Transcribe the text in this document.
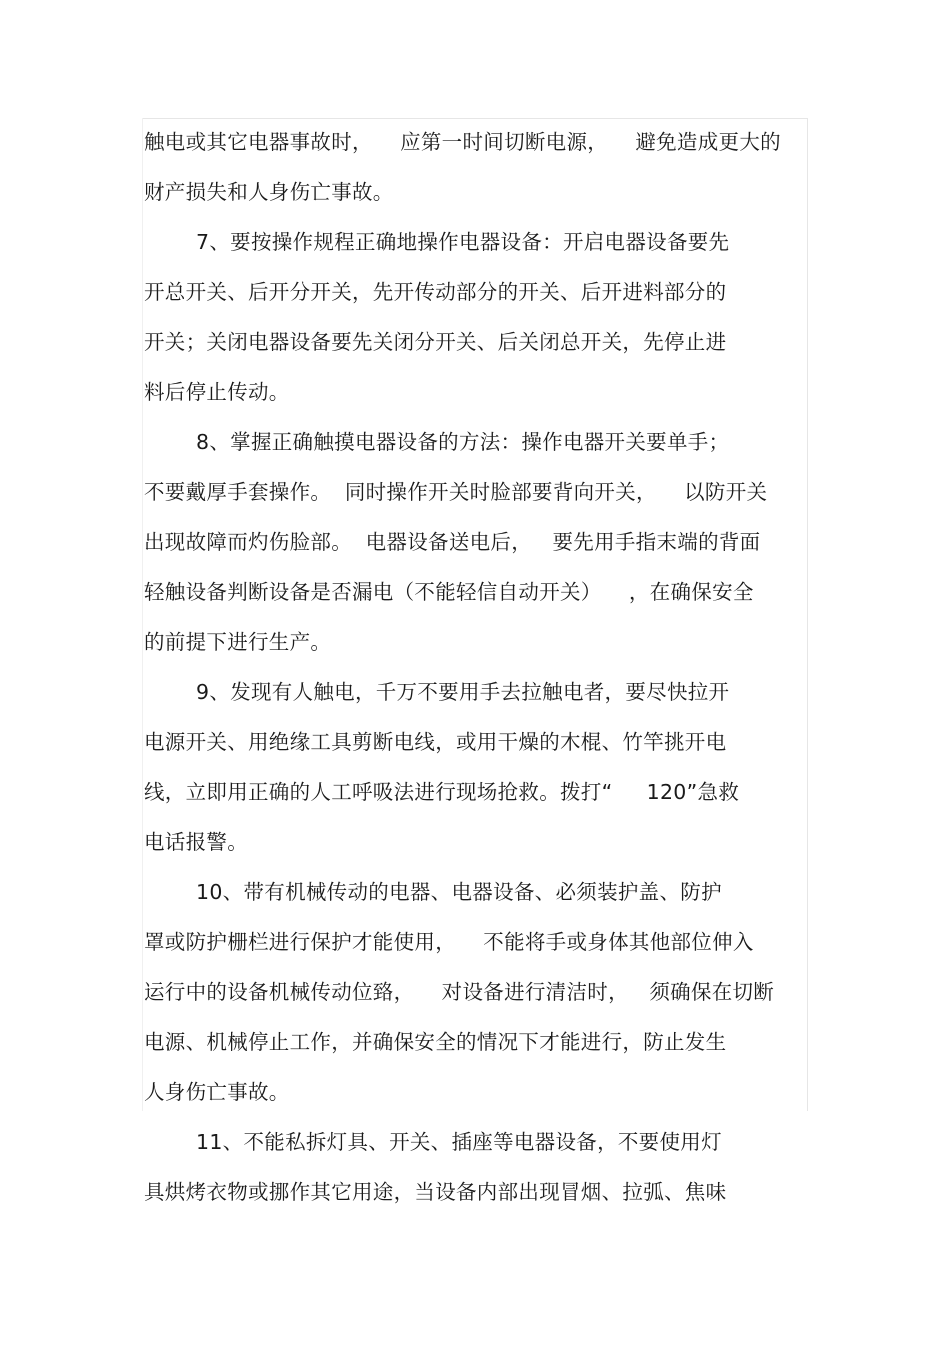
触电或其它电器事故时，    应第一时间切断电源，    避免造成更大的
财产损失和人身伤亡事故。
7、要按操作规程正确地操作电器设备：开启电器设备要先
开总开关、后开分开关，先开传动部分的开关、后开进料部分的
开关；关闭电器设备要先关闭分开关、后关闭总开关，先停止进
料后停止传动。
8、掌握正确触摸电器设备的方法：操作电器开关要单手；
不要戴厚手套操作。  同时操作开关时脸部要背向开关，    以防开关
出现故障而灼伤脸部。  电器设备送电后，   要先用手指末端的背面
轻触设备判断设备是否漏电（不能轻信自动开关）    ，在确保安全
的前提下进行生产。
9、发现有人触电，千万不要用手去拉触电者，要尽快拉开
电源开关、用绝缘工具剪断电线，或用干燥的木棍、竹竿挑开电
线，立即用正确的人工呼吸法进行现场抢救。拨打“     120”急救
电话报警。
10、带有机械传动的电器、电器设备、必须装护盖、防护
罩或防护栅栏进行保护才能使用，    不能将手或身体其他部位伸入
运行中的设备机械传动位臵，    对设备进行清洁时，   须确保在切断
电源、机械停止工作，并确保安全的情况下才能进行，防止发生
人身伤亡事故。
11、不能私拆灯具、开关、插座等电器设备，不要使用灯
具烘烤衣物或挪作其它用途，当设备内部出现冒烟、拉弧、焦味
